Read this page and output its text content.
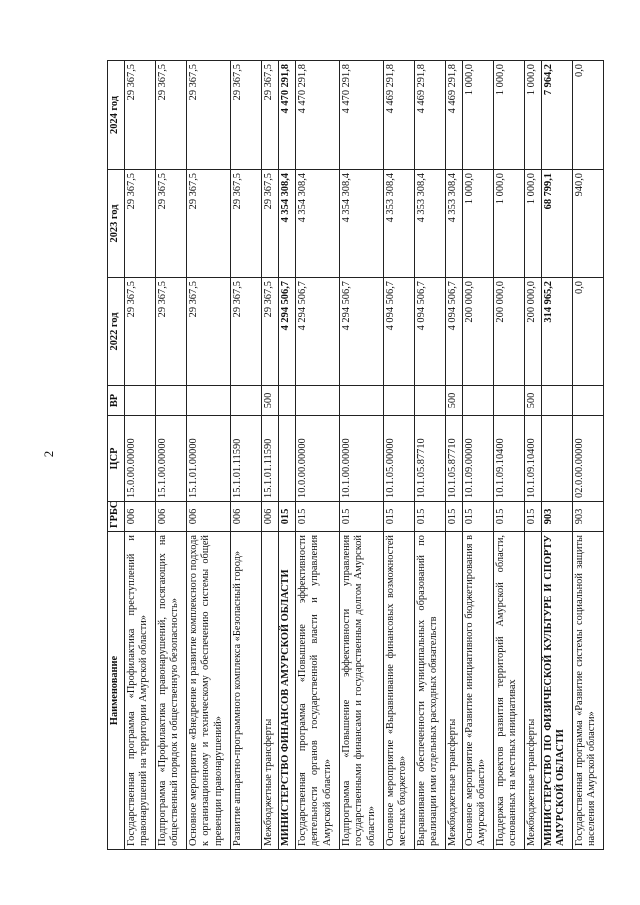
2
Наименование
ГРБС
ЦСР
ВР
2022 год
2023 год
2024 год
Государственная программа «Профилактика преступлений и правонарушений на территории Амурской области»
006
15.0.00.00000
29 367,5
29 367,5
29 367,5
Подпрограмма «Профилактика правонарушений, посягающих на общественный порядок и общественную безопасность»
006
15.1.00.00000
29 367,5
29 367,5
29 367,5
Основное мероприятие «Внедрение и развитие комплексного подхода к организационному и техническому обеспечению системы общей превенции правонарушений»
006
15.1.01.00000
29 367,5
29 367,5
29 367,5
Развитие аппаратно-программного комплекса «Безопасный город»
006
15.1.01.11590
29 367,5
29 367,5
29 367,5
Межбюджетные трансферты
006
15.1.01.11590
500
29 367,5
29 367,5
29 367,5
МИНИСТЕРСТВО ФИНАНСОВ АМУРСКОЙ ОБЛАСТИ
015
4 294 506,7
4 354 308,4
4 470 291,8
Государственная программа «Повышение эффективности деятельности органов государственной власти и управления Амурской области»
015
10.0.00.00000
4 294 506,7
4 354 308,4
4 470 291,8
Подпрограмма «Повышение эффективности управления государственными финансами и государственным долгом Амурской области»
015
10.1.00.00000
4 294 506,7
4 354 308,4
4 470 291,8
Основное мероприятие «Выравнивание финансовых возможностей местных бюджетов»
015
10.1.05.00000
4 094 506,7
4 353 308,4
4 469 291,8
Выравнивание обеспеченности муниципальных образований по реализации ими отдельных расходных обязательств
015
10.1.05.87710
4 094 506,7
4 353 308,4
4 469 291,8
Межбюджетные трансферты
015
10.1.05.87710
500
4 094 506,7
4 353 308,4
4 469 291,8
Основное мероприятие «Развитие инициативного бюджетирования в Амурской области»
015
10.1.09.00000
200 000,0
1 000,0
1 000,0
Поддержка проектов развития территорий Амурской области, основанных на местных инициативах
015
10.1.09.10400
200 000,0
1 000,0
1 000,0
Межбюджетные трансферты
015
10.1.09.10400
500
200 000,0
1 000,0
1 000,0
МИНИСТЕРСТВО ПО ФИЗИЧЕСКОЙ КУЛЬТУРЕ И СПОРТУ АМУРСКОЙ ОБЛАСТИ
903
314 965,2
68 799,1
7 964,2
Государственная программа «Развитие системы социальной защиты населения Амурской области»
903
02.0.00.00000
0,0
940,0
0,0
